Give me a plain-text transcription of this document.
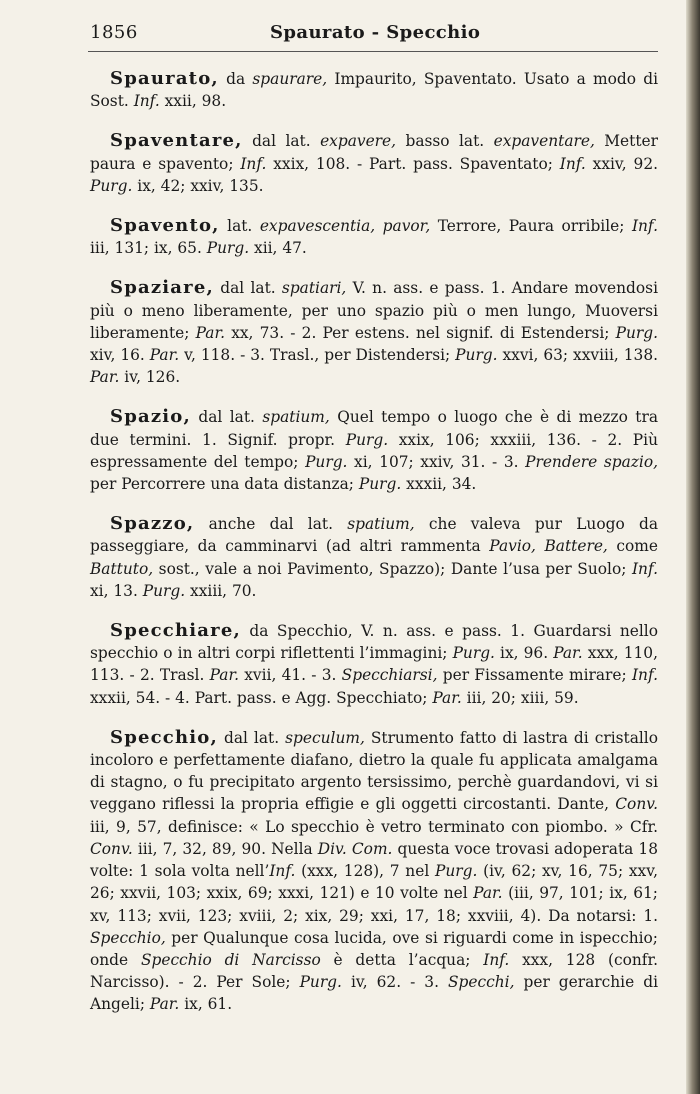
1856	Spaurato - Specchio

Spaurato, da spaurare, Impaurito, Spaventato. Usato a modo di Sost. Inf. xxii, 98.

Spaventare, dal lat. expavere, basso lat. expaventare, Metter paura e spavento; Inf. xxix, 108. - Part. pass. Spaventato; Inf. xxiv, 92. Purg. ix, 42; xxiv, 135.

Spavento, lat. expavescentia, pavor, Terrore, Paura orribile; Inf. iii, 131; ix, 65. Purg. xii, 47.

Spaziare, dal lat. spatiari, V. n. ass. e pass. 1. Andare movendosi più o meno liberamente, per uno spazio più o men lungo, Muoversi liberamente; Par. xx, 73. - 2. Per estens. nel signif. di Estendersi; Purg. xiv, 16. Par. v, 118. - 3. Trasl., per Distendersi; Purg. xxvi, 63; xxviii, 138. Par. iv, 126.

Spazio, dal lat. spatium, Quel tempo o luogo che è di mezzo tra due termini. 1. Signif. propr. Purg. xxix, 106; xxxiii, 136. - 2. Più espressamente del tempo; Purg. xi, 107; xxiv, 31. - 3. Prendere spazio, per Percorrere una data distanza; Purg. xxxii, 34.

Spazzo, anche dal lat. spatium, che valeva pur Luogo da passeggiare, da camminarvi (ad altri rammenta Pavio, Battere, come Battuto, sost., vale a noi Pavimento, Spazzo); Dante l’usa per Suolo; Inf. xi, 13. Purg. xxiii, 70.

Specchiare, da Specchio, V. n. ass. e pass. 1. Guardarsi nello specchio o in altri corpi riflettenti l’immagini; Purg. ix, 96. Par. xxx, 110, 113. - 2. Trasl. Par. xvii, 41. - 3. Specchiarsi, per Fissamente mirare; Inf. xxxii, 54. - 4. Part. pass. e Agg. Specchiato; Par. iii, 20; xiii, 59.

Specchio, dal lat. speculum, Strumento fatto di lastra di cristallo incoloro e perfettamente diafano, dietro la quale fu applicata amalgama di stagno, o fu precipitato argento tersissimo, perchè guardandovi, vi si veggano riflessi la propria effigie e gli oggetti circostanti. Dante, Conv. iii, 9, 57, definisce: « Lo specchio è vetro terminato con piombo. » Cfr. Conv. iii, 7, 32, 89, 90. Nella Div. Com. questa voce trovasi adoperata 18 volte: 1 sola volta nell’Inf. (xxx, 128), 7 nel Purg. (iv, 62; xv, 16, 75; xxv, 26; xxvii, 103; xxix, 69; xxxi, 121) e 10 volte nel Par. (iii, 97, 101; ix, 61; xv, 113; xvii, 123; xviii, 2; xix, 29; xxi, 17, 18; xxviii, 4). Da notarsi: 1. Specchio, per Qualunque cosa lucida, ove si riguardi come in ispecchio; onde Specchio di Narcisso è detta l’acqua; Inf. xxx, 128 (confr. Narcisso). - 2. Per Sole; Purg. iv, 62. - 3. Specchi, per gerarchie di Angeli; Par. ix, 61.
